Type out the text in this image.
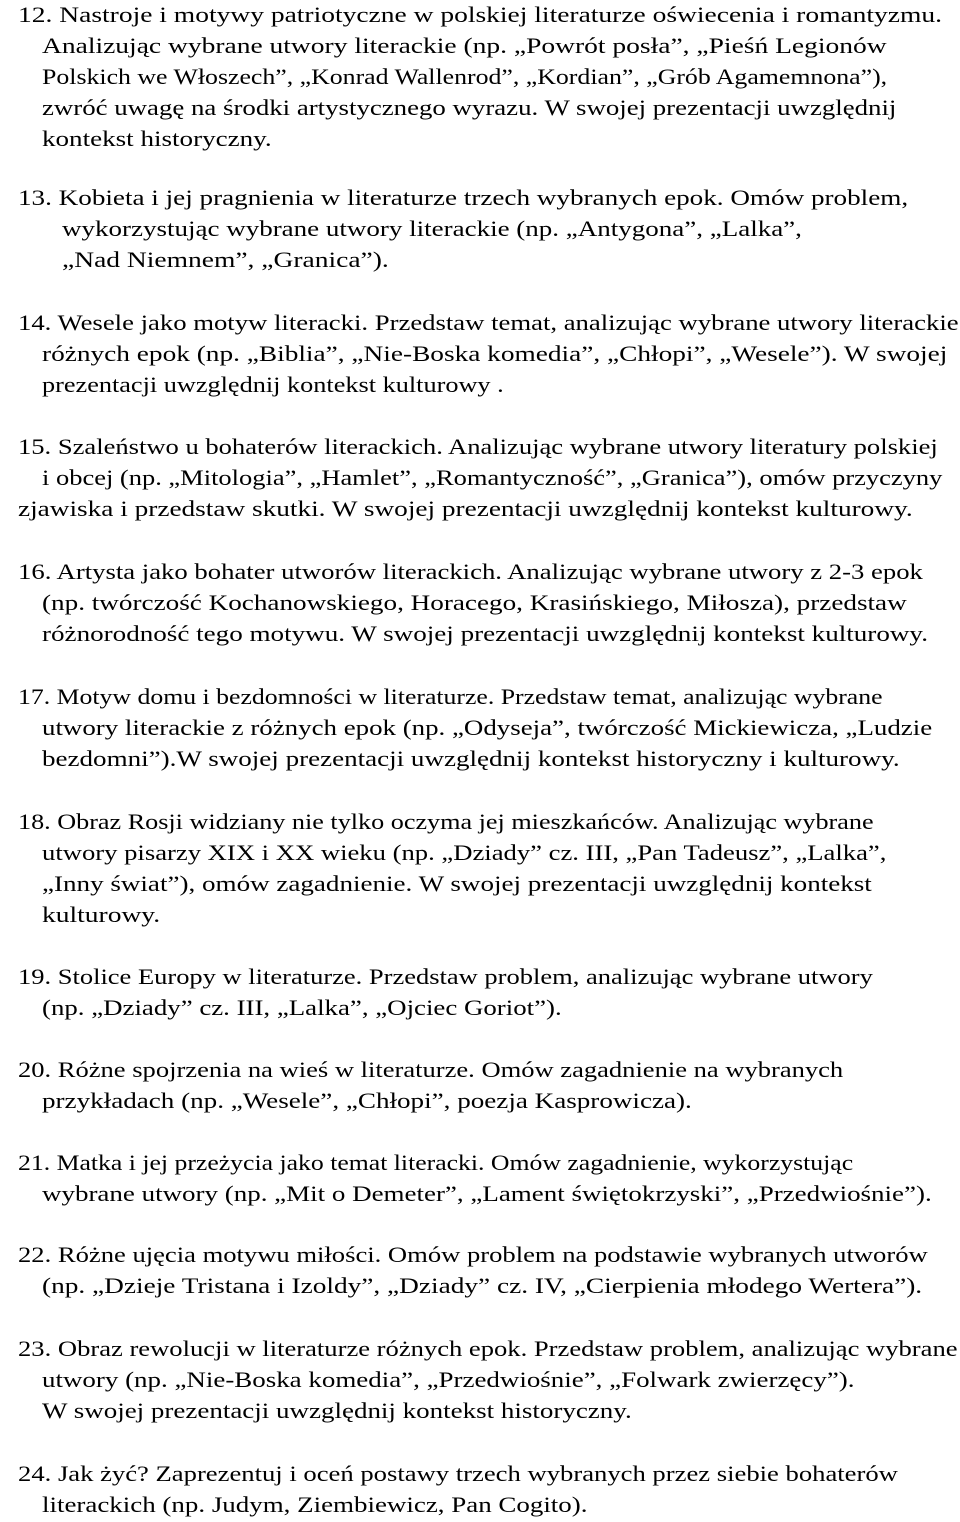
12. Nastroje i motywy patriotyczne w polskiej literaturze oświecenia i romantyzmu.
Analizując wybrane utwory literackie (np. „Powrót posła”, „Pieśń Legionów
Polskich we Włoszech”, „Konrad Wallenrod”, „Kordian”, „Grób Agamemnona”),
zwróć uwagę na środki artystycznego wyrazu. W swojej prezentacji uwzględnij
kontekst historyczny.
13. Kobieta i jej pragnienia w literaturze trzech wybranych epok. Omów problem,
wykorzystując wybrane utwory literackie (np. „Antygona”, „Lalka”,
„Nad Niemnem”, „Granica”).
14. Wesele jako motyw literacki. Przedstaw temat, analizując wybrane utwory literackie
różnych epok (np. „Biblia”, „Nie-Boska komedia”, „Chłopi”, „Wesele”). W swojej
prezentacji uwzględnij kontekst kulturowy .
15. Szaleństwo u bohaterów literackich. Analizując wybrane utwory literatury polskiej
i obcej (np. „Mitologia”, „Hamlet”, „Romantyczność”, „Granica”), omów przyczyny
zjawiska i przedstaw skutki. W swojej prezentacji uwzględnij kontekst kulturowy.
16. Artysta jako bohater utworów literackich. Analizując wybrane utwory z 2-3 epok
(np. twórczość Kochanowskiego, Horacego, Krasińskiego, Miłosza), przedstaw
różnorodność tego motywu. W swojej prezentacji uwzględnij kontekst kulturowy.
17. Motyw domu i bezdomności w literaturze. Przedstaw temat, analizując wybrane
utwory literackie z różnych epok (np. „Odyseja”, twórczość Mickiewicza, „Ludzie
bezdomni”).W swojej prezentacji uwzględnij kontekst historyczny i kulturowy.
18. Obraz Rosji widziany nie tylko oczyma jej mieszkańców. Analizując wybrane
utwory pisarzy XIX i XX wieku (np. „Dziady” cz. III, „Pan Tadeusz”, „Lalka”,
„Inny świat”), omów zagadnienie. W swojej prezentacji uwzględnij kontekst
kulturowy.
19. Stolice Europy w literaturze. Przedstaw problem, analizując wybrane utwory
(np. „Dziady” cz. III, „Lalka”, „Ojciec Goriot”).
20. Różne spojrzenia na wieś w literaturze. Omów zagadnienie na wybranych
przykładach (np. „Wesele”, „Chłopi”, poezja Kasprowicza).
21. Matka i jej przeżycia jako temat literacki. Omów zagadnienie, wykorzystując
wybrane utwory (np. „Mit o Demeter”, „Lament świętokrzyski”, „Przedwiośnie”).
22. Różne ujęcia motywu miłości. Omów problem na podstawie wybranych utworów
(np. „Dzieje Tristana i Izoldy”, „Dziady” cz. IV, „Cierpienia młodego Wertera”).
23. Obraz rewolucji w literaturze różnych epok. Przedstaw problem, analizując wybrane
utwory (np. „Nie-Boska komedia”, „Przedwiośnie”, „Folwark zwierzęcy”).
W swojej prezentacji uwzględnij kontekst historyczny.
24. Jak żyć? Zaprezentuj i oceń postawy trzech wybranych przez siebie bohaterów
literackich (np. Judym, Ziembiewicz, Pan Cogito).
